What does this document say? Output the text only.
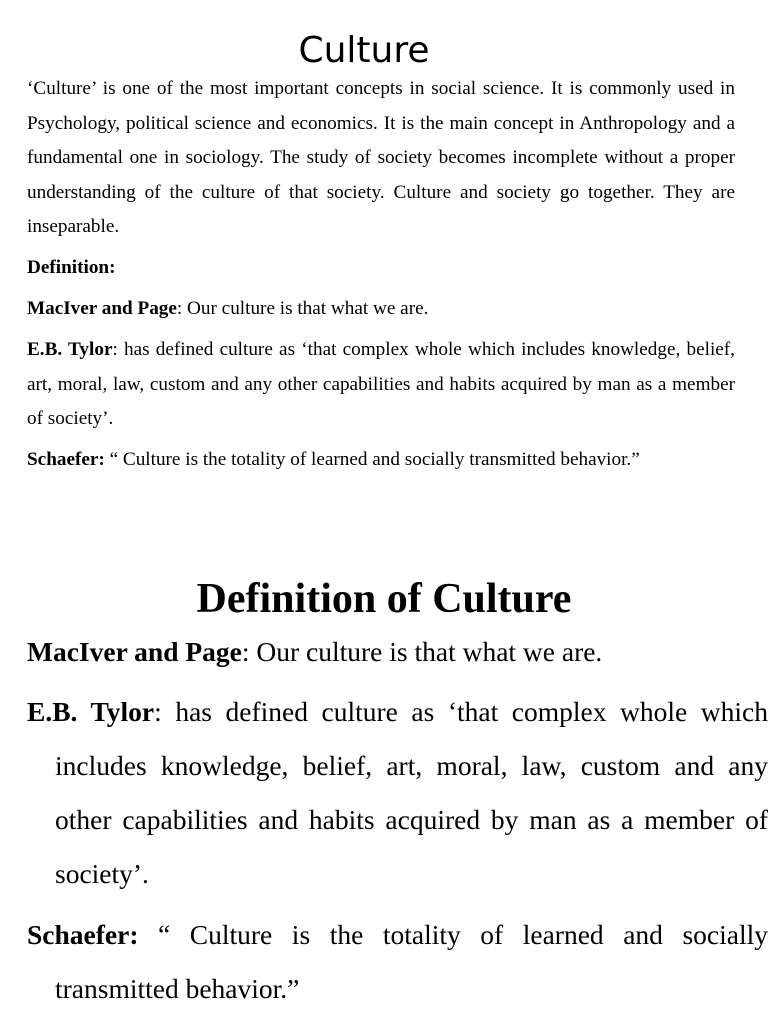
Culture

‘Culture’ is one of the most important concepts in social science. It is commonly used in Psychology, political science and economics. It is the main concept in Anthropology and a fundamental one in sociology. The study of society becomes incomplete without a proper understanding of the culture of that society. Culture and society go together. They are inseparable.

Definition:

MacIver and Page: Our culture is that what we are.

E.B. Tylor: has defined culture as ‘that complex whole which includes knowledge, belief, art, moral, law, custom and any other capabilities and habits acquired by man as a member of society’.

Schaefer: “ Culture is the totality of learned and socially transmitted behavior.”

Definition of Culture

MacIver and Page: Our culture is that what we are.

E.B. Tylor: has defined culture as ‘that complex whole which includes knowledge, belief, art, moral, law, custom and any other capabilities and habits acquired by man as a member of society’.

Schaefer: “ Culture is the totality of learned and socially transmitted behavior.”
